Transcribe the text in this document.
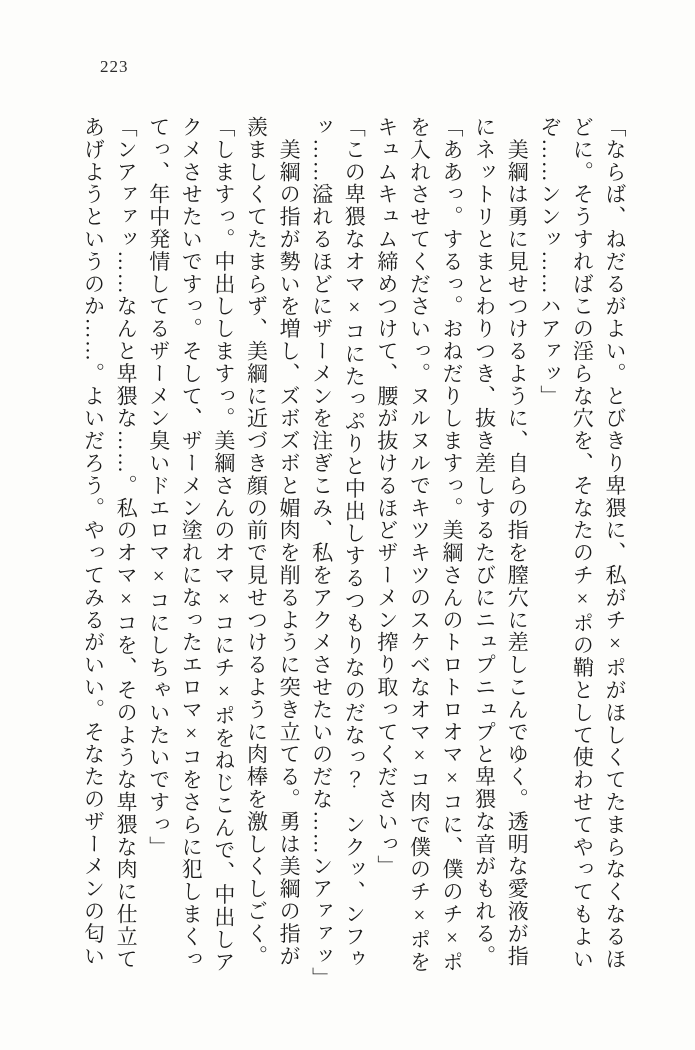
223

「ならば、ねだるがよい。とびきり卑猥に、私がチ×ポがほしくてたまらなくなるほ

どに。そうすればこの淫らな穴を、そなたのチ×ポの鞘として使わせてやってもよい

ぞ……ンンッ……ハアァッ」

　美綱は勇に見せつけるように、自らの指を膣穴に差しこんでゆく。透明な愛液が指

にネットリとまとわりつき、抜き差しするたびにニュプニュプと卑猥な音がもれる。

「ああっ。するっ。おねだりしますっ。美綱さんのトロトロオマ×コに、僕のチ×ポ

を入れさせてくださいっ。ヌルヌルでキツキツのスケベなオマ×コ肉で僕のチ×ポを

キュムキュム締めつけて、腰が抜けるほどザーメン搾り取ってくださいっ」

「この卑猥なオマ×コにたっぷりと中出しするつもりなのだなっ？　ンクッ、ンフゥ

ッ……溢れるほどにザーメンを注ぎこみ、私をアクメさせたいのだな……ンアァァッ」

　美綱の指が勢いを増し、ズボズボと媚肉を削るように突き立てる。勇は美綱の指が

羨ましくてたまらず、美綱に近づき顔の前で見せつけるように肉棒を激しくしごく。

「しますっ。中出ししますっ。美綱さんのオマ×コにチ×ポをねじこんで、中出しア

クメさせたいですっ。そして、ザーメン塗れになったエロマ×コをさらに犯しまくっ

てっ、年中発情してるザーメン臭いドエロマ×コにしちゃいたいですっ」

「ンアァァッ……なんと卑猥な……。私のオマ×コを、そのような卑猥な肉に仕立て

あげようというのか……。よいだろう。やってみるがいい。そなたのザーメンの匂い
